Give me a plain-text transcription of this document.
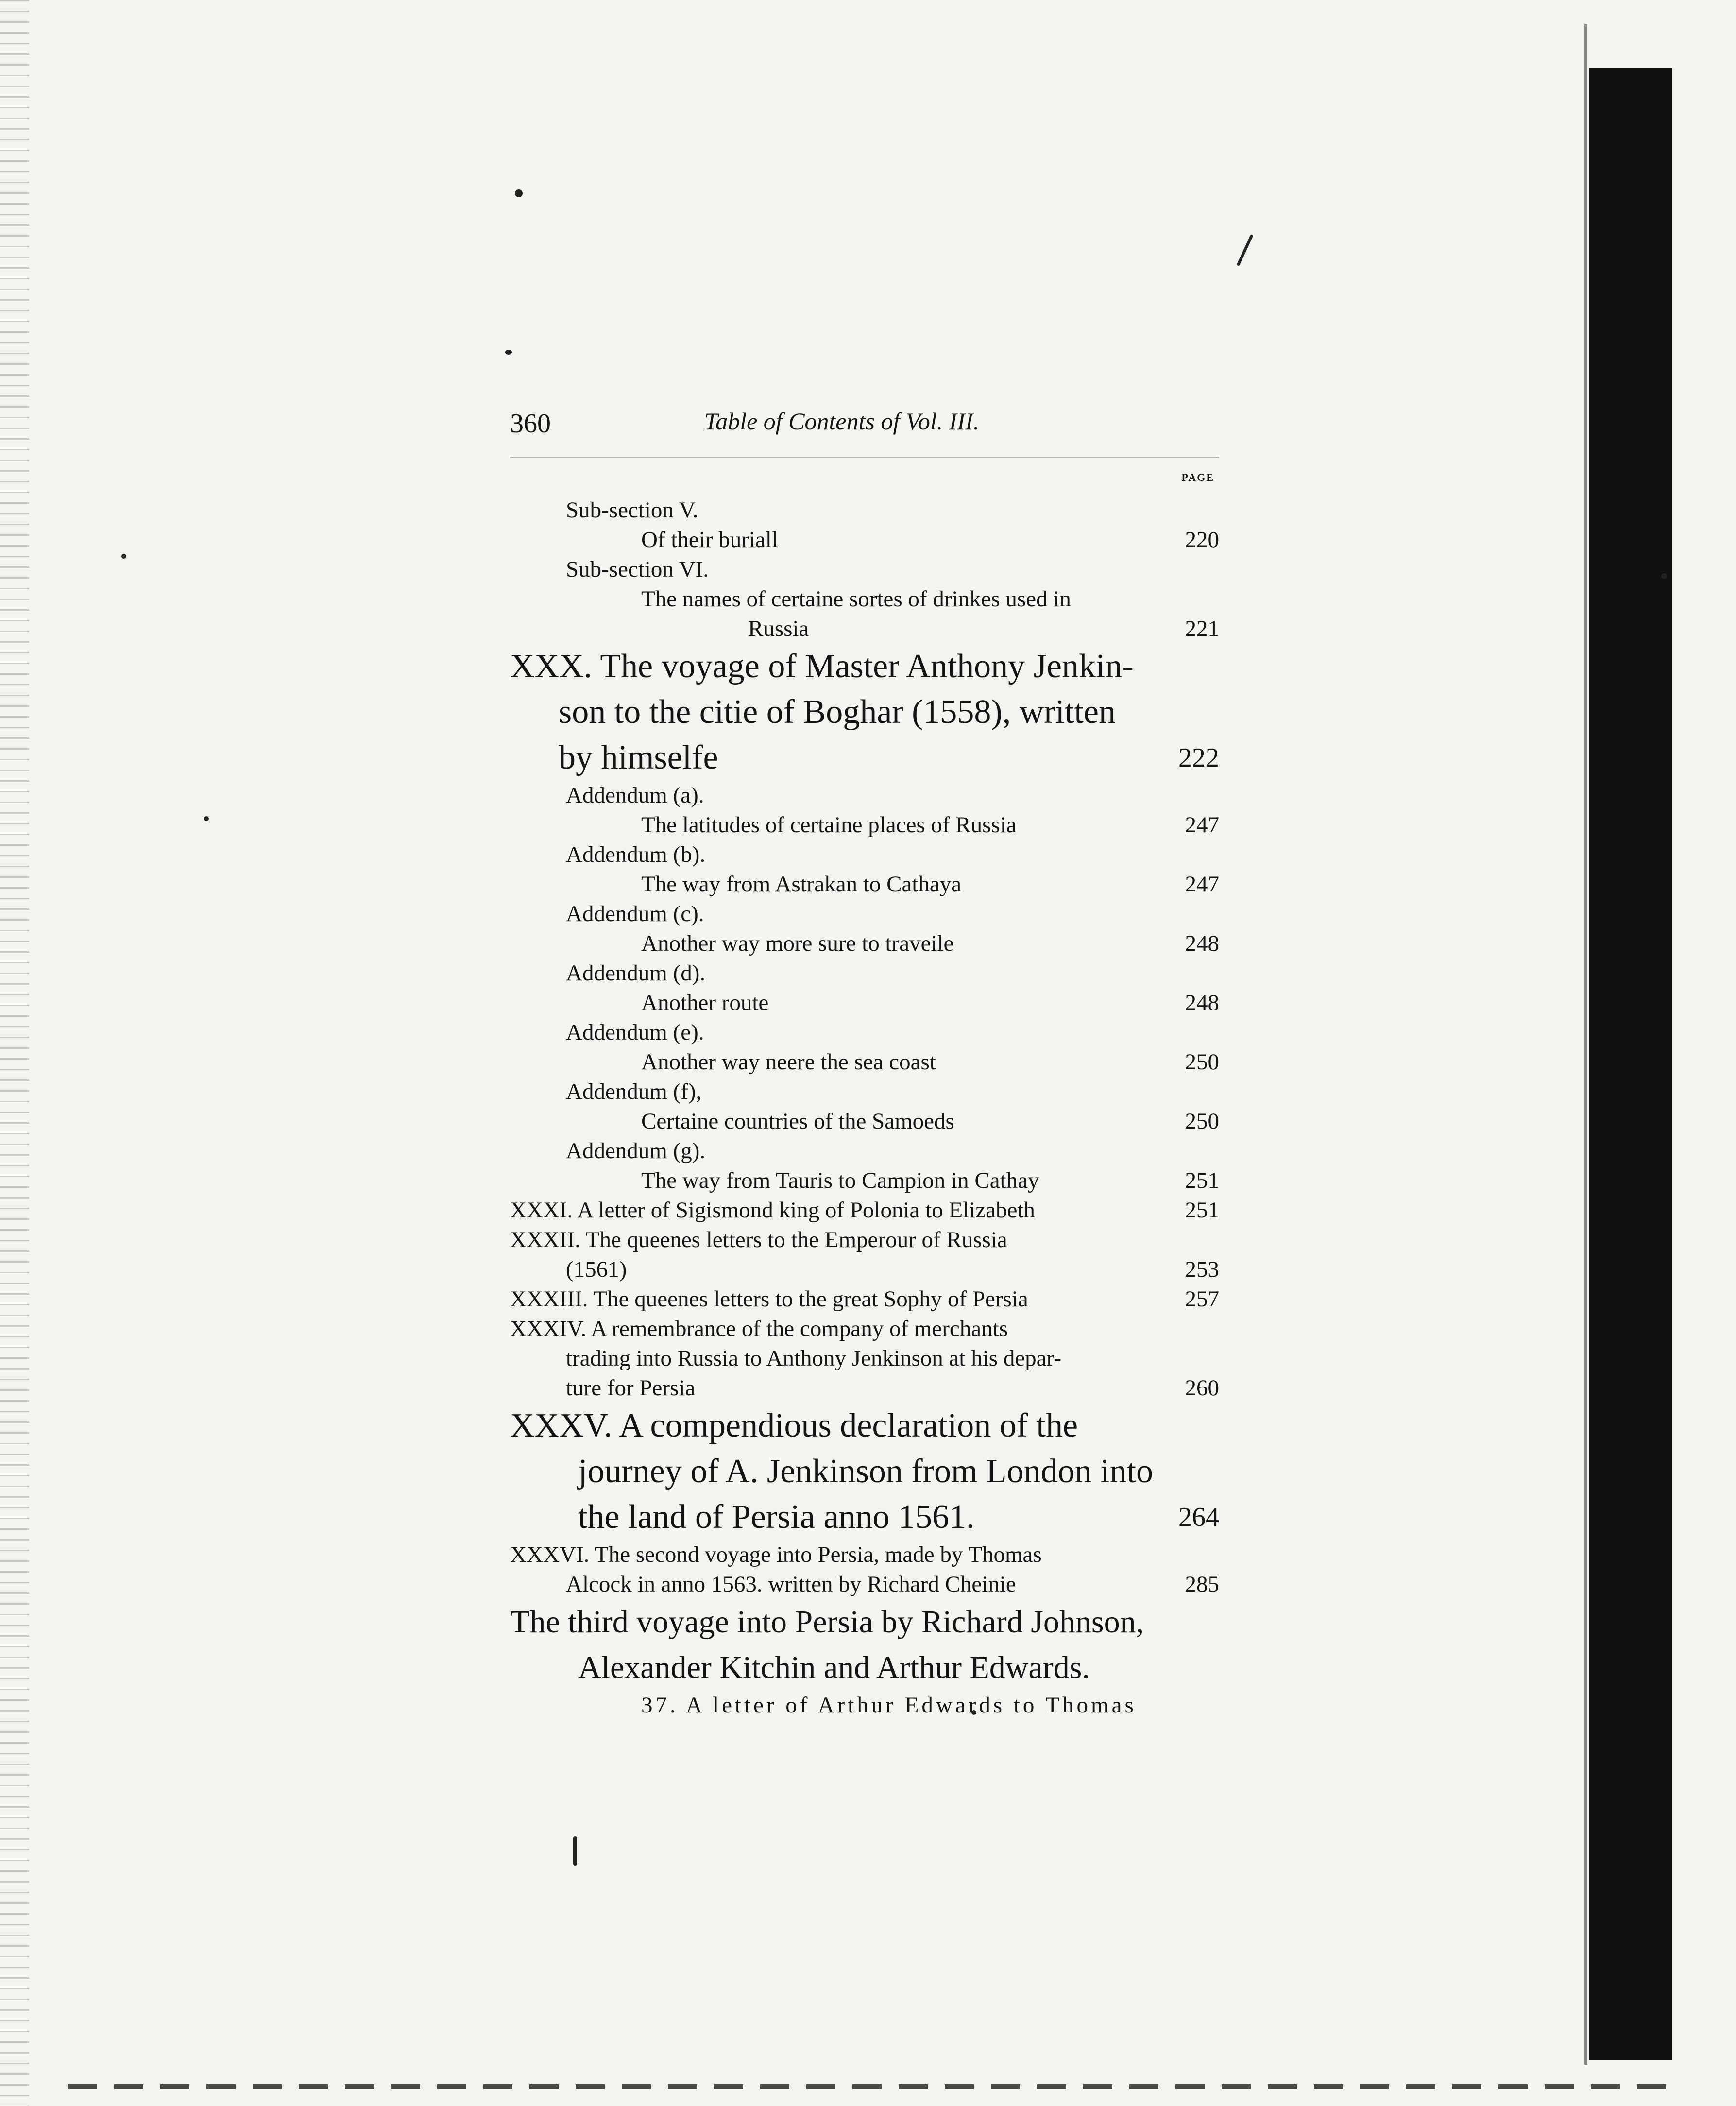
360	Table of Contents of Vol. III.
PAGE
Sub-section V.
Of their buriall	220
Sub-section VI.
The names of certaine sortes of drinkes used in
Russia	221
XXX. The voyage of Master Anthony Jenkin-
son to the citie of Boghar (1558), written
by himselfe	222
Addendum (a).
The latitudes of certaine places of Russia	247
Addendum (b).
The way from Astrakan to Cathaya	247
Addendum (c).
Another way more sure to traveile	248
Addendum (d).
Another route	248
Addendum (e).
Another way neere the sea coast	250
Addendum (f),
Certaine countries of the Samoeds	250
Addendum (g).
The way from Tauris to Campion in Cathay	251
XXXI. A letter of Sigismond king of Polonia to Elizabeth	251
XXXII. The queenes letters to the Emperour of Russia
(1561)	253
XXXIII. The queenes letters to the great Sophy of Persia	257
XXXIV. A remembrance of the company of merchants
trading into Russia to Anthony Jenkinson at his depar-
ture for Persia	260
XXXV. A compendious declaration of the
journey of A. Jenkinson from London into
the land of Persia anno 1561.	264
XXXVI. The second voyage into Persia, made by Thomas
Alcock in anno 1563. written by Richard Cheinie	285
The third voyage into Persia by Richard Johnson,
Alexander Kitchin and Arthur Edwards.
37. A letter of Arthur Edwards to Thomas
